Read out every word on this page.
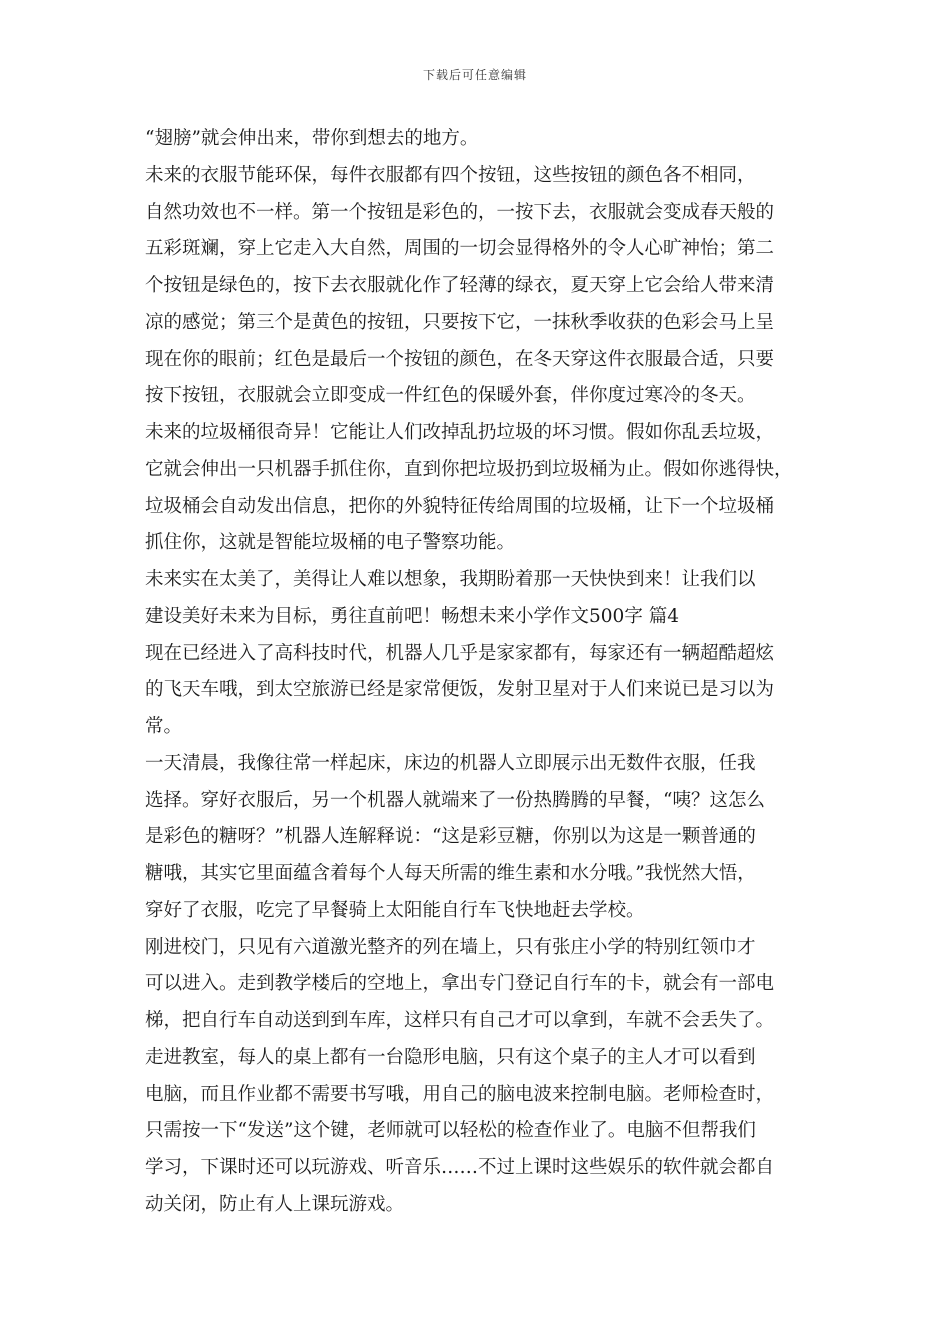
下载后可任意编辑
“翅膀”就会伸出来，带你到想去的地方。
未来的衣服节能环保，每件衣服都有四个按钮，这些按钮的颜色各不相同，
自然功效也不一样。第一个按钮是彩色的，一按下去，衣服就会变成春天般的
五彩斑斓，穿上它走入大自然，周围的一切会显得格外的令人心旷神怡；第二
个按钮是绿色的，按下去衣服就化作了轻薄的绿衣，夏天穿上它会给人带来清
凉的感觉；第三个是黄色的按钮，只要按下它，一抹秋季收获的色彩会马上呈
现在你的眼前；红色是最后一个按钮的颜色，在冬天穿这件衣服最合适，只要
按下按钮，衣服就会立即变成一件红色的保暖外套，伴你度过寒冷的冬天。
未来的垃圾桶很奇异！它能让人们改掉乱扔垃圾的坏习惯。假如你乱丢垃圾，
它就会伸出一只机器手抓住你，直到你把垃圾扔到垃圾桶为止。假如你逃得快，
垃圾桶会自动发出信息，把你的外貌特征传给周围的垃圾桶，让下一个垃圾桶
抓住你，这就是智能垃圾桶的电子警察功能。
未来实在太美了，美得让人难以想象，我期盼着那一天快快到来！让我们以
建设美好未来为目标，勇往直前吧！畅想未来小学作文500字 篇4
现在已经进入了高科技时代，机器人几乎是家家都有，每家还有一辆超酷超炫
的飞天车哦，到太空旅游已经是家常便饭，发射卫星对于人们来说已是习以为
常。
一天清晨，我像往常一样起床，床边的机器人立即展示出无数件衣服，任我
选择。穿好衣服后，另一个机器人就端来了一份热腾腾的早餐，“咦？这怎么
是彩色的糖呀？”机器人连解释说：“这是彩豆糖，你别以为这是一颗普通的
糖哦，其实它里面蕴含着每个人每天所需的维生素和水分哦。”我恍然大悟，
穿好了衣服，吃完了早餐骑上太阳能自行车飞快地赶去学校。
刚进校门，只见有六道激光整齐的列在墙上，只有张庄小学的特别红领巾才
可以进入。走到教学楼后的空地上，拿出专门登记自行车的卡，就会有一部电
梯，把自行车自动送到到车库，这样只有自己才可以拿到，车就不会丢失了。
走进教室，每人的桌上都有一台隐形电脑，只有这个桌子的主人才可以看到
电脑，而且作业都不需要书写哦，用自己的脑电波来控制电脑。老师检查时，
只需按一下“发送”这个键，老师就可以轻松的检查作业了。电脑不但帮我们
学习，下课时还可以玩游戏、听音乐……不过上课时这些娱乐的软件就会都自
动关闭，防止有人上课玩游戏。
